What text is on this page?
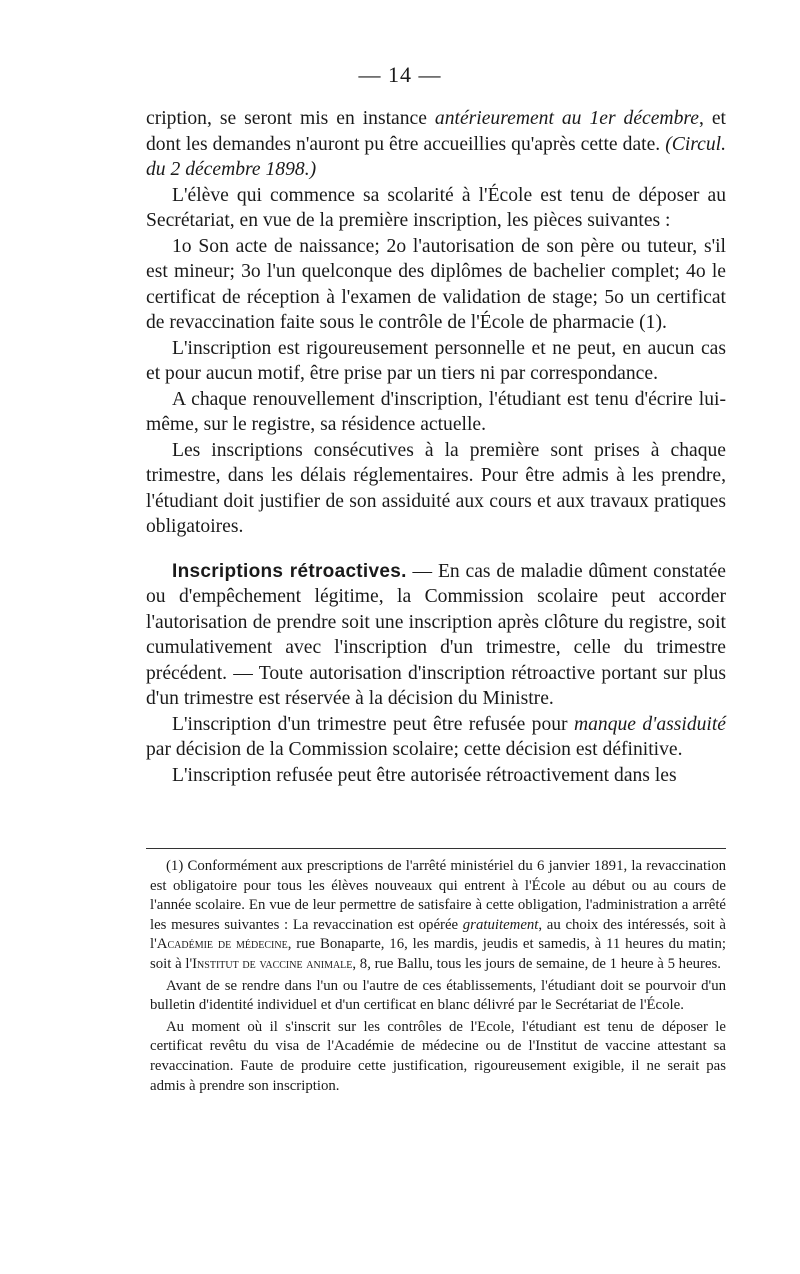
— 14 —

cription, se seront mis en instance antérieurement au 1er décembre, et dont les demandes n'auront pu être accueillies qu'après cette date. (Circul. du 2 décembre 1898.)

L'élève qui commence sa scolarité à l'École est tenu de déposer au Secrétariat, en vue de la première inscription, les pièces suivantes :

1o Son acte de naissance; 2o l'autorisation de son père ou tuteur, s'il est mineur; 3o l'un quelconque des diplômes de bachelier complet; 4o le certificat de réception à l'examen de validation de stage; 5o un certificat de revaccination faite sous le contrôle de l'École de pharmacie (1).

L'inscription est rigoureusement personnelle et ne peut, en aucun cas et pour aucun motif, être prise par un tiers ni par correspondance.

A chaque renouvellement d'inscription, l'étudiant est tenu d'écrire lui-même, sur le registre, sa résidence actuelle.

Les inscriptions consécutives à la première sont prises à chaque trimestre, dans les délais réglementaires. Pour être admis à les prendre, l'étudiant doit justifier de son assiduité aux cours et aux travaux pratiques obligatoires.

Inscriptions rétroactives. — En cas de maladie dûment constatée ou d'empêchement légitime, la Commission scolaire peut accorder l'autorisation de prendre soit une inscription après clôture du registre, soit cumulativement avec l'inscription d'un trimestre, celle du trimestre précédent. — Toute autorisation d'inscription rétroactive portant sur plus d'un trimestre est réservée à la décision du Ministre.

L'inscription d'un trimestre peut être refusée pour manque d'assiduité par décision de la Commission scolaire; cette décision est définitive.

L'inscription refusée peut être autorisée rétroactivement dans les

(1) Conformément aux prescriptions de l'arrêté ministériel du 6 janvier 1891, la revaccination est obligatoire pour tous les élèves nouveaux qui entrent à l'École au début ou au cours de l'année scolaire. En vue de leur permettre de satisfaire à cette obligation, l'administration a arrêté les mesures suivantes : La revaccination est opérée gratuitement, au choix des intéressés, soit à l'Académie de médecine, rue Bonaparte, 16, les mardis, jeudis et samedis, à 11 heures du matin; soit à l'Institut de vaccine animale, 8, rue Ballu, tous les jours de semaine, de 1 heure à 5 heures.

Avant de se rendre dans l'un ou l'autre de ces établissements, l'étudiant doit se pourvoir d'un bulletin d'identité individuel et d'un certificat en blanc délivré par le Secrétariat de l'École.

Au moment où il s'inscrit sur les contrôles de l'Ecole, l'étudiant est tenu de déposer le certificat revêtu du visa de l'Académie de médecine ou de l'Institut de vaccine attestant sa revaccination. Faute de produire cette justification, rigoureusement exigible, il ne serait pas admis à prendre son inscription.
